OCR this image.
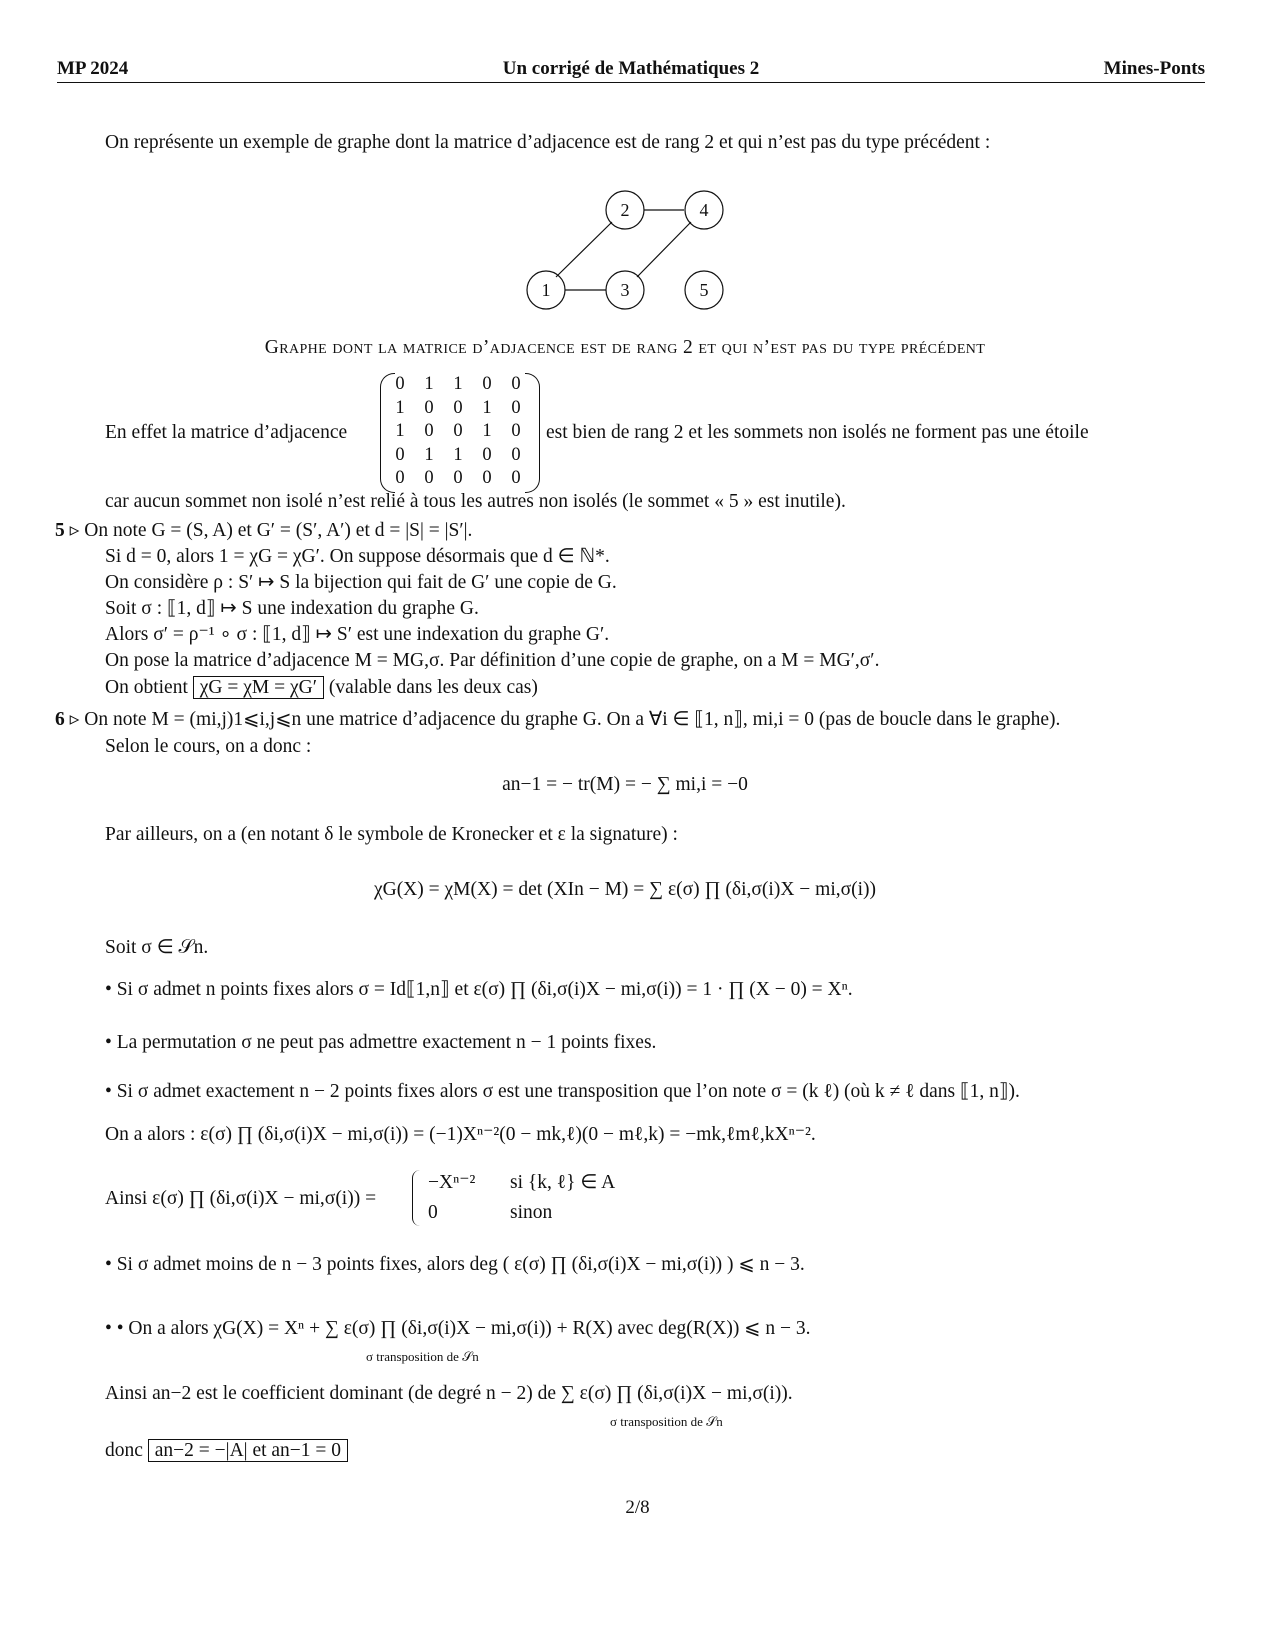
MP 2024	Un corrigé de Mathématiques 2	Mines-Ponts
On représente un exemple de graphe dont la matrice d’adjacence est de rang 2 et qui n’est pas du type précédent :
1
2
3
4
5
Graphe dont la matrice d’adjacence est de rang 2 et qui n’est pas du type précédent
En effet la matrice d’adjacence
0 1 1 0 0
1 0 0 1 0
1 0 0 1 0
0 1 1 0 0
0 0 0 0 0
est bien de rang 2 et les sommets non isolés ne forment pas une étoile
car aucun sommet non isolé n’est relié à tous les autres non isolés (le sommet « 5 » est inutile).
5 ▹ On note G = (S, A) et G′ = (S′, A′) et d = |S| = |S′|.
Si d = 0, alors 1 = χG = χG′. On suppose désormais que d ∈ ℕ*.
On considère ρ : S′ ↦ S la bijection qui fait de G′ une copie de G.
Soit σ : ⟦1, d⟧ ↦ S une indexation du graphe G.
Alors σ′ = ρ⁻¹ ∘ σ : ⟦1, d⟧ ↦ S′ est une indexation du graphe G′.
On pose la matrice d’adjacence M = MG,σ. Par définition d’une copie de graphe, on a M = MG′,σ′.
On obtient χG = χM = χG′ (valable dans les deux cas)
6 ▹ On note M = (mi,j)1⩽i,j⩽n une matrice d’adjacence du graphe G. On a ∀i ∈ ⟦1, n⟧, mi,i = 0 (pas de boucle dans le graphe).
Selon le cours, on a donc :
an−1 = − tr(M) = − ∑ mi,i = −0
Par ailleurs, on a (en notant δ le symbole de Kronecker et ε la signature) :
χG(X) = χM(X) = det (XIn − M) = ∑ ε(σ) ∏ (δi,σ(i)X − mi,σ(i))
Soit σ ∈ 𝒮n.
• Si σ admet n points fixes alors σ = Id⟦1,n⟧ et ε(σ) ∏ (δi,σ(i)X − mi,σ(i)) = 1 · ∏ (X − 0) = Xⁿ.
• La permutation σ ne peut pas admettre exactement n − 1 points fixes.
• Si σ admet exactement n − 2 points fixes alors σ est une transposition que l’on note σ = (k ℓ) (où k ≠ ℓ dans ⟦1, n⟧).
On a alors : ε(σ) ∏ (δi,σ(i)X − mi,σ(i)) = (−1)Xⁿ⁻²(0 − mk,ℓ)(0 − mℓ,k) = −mk,ℓmℓ,kXⁿ⁻².
Ainsi ε(σ) ∏ (δi,σ(i)X − mi,σ(i)) =
−Xⁿ⁻² si {k, ℓ} ∈ A
0	sinon
• Si σ admet moins de n − 3 points fixes, alors deg ( ε(σ) ∏ (δi,σ(i)X − mi,σ(i)) ) ⩽ n − 3.
• • On a alors χG(X) = Xⁿ + ∑ ε(σ) ∏ (δi,σ(i)X − mi,σ(i)) + R(X) avec deg(R(X)) ⩽ n − 3.
σ transposition de 𝒮n
Ainsi an−2 est le coefficient dominant (de degré n − 2) de ∑ ε(σ) ∏ (δi,σ(i)X − mi,σ(i)).
σ transposition de 𝒮n
donc an−2 = −|A| et an−1 = 0
2/8
